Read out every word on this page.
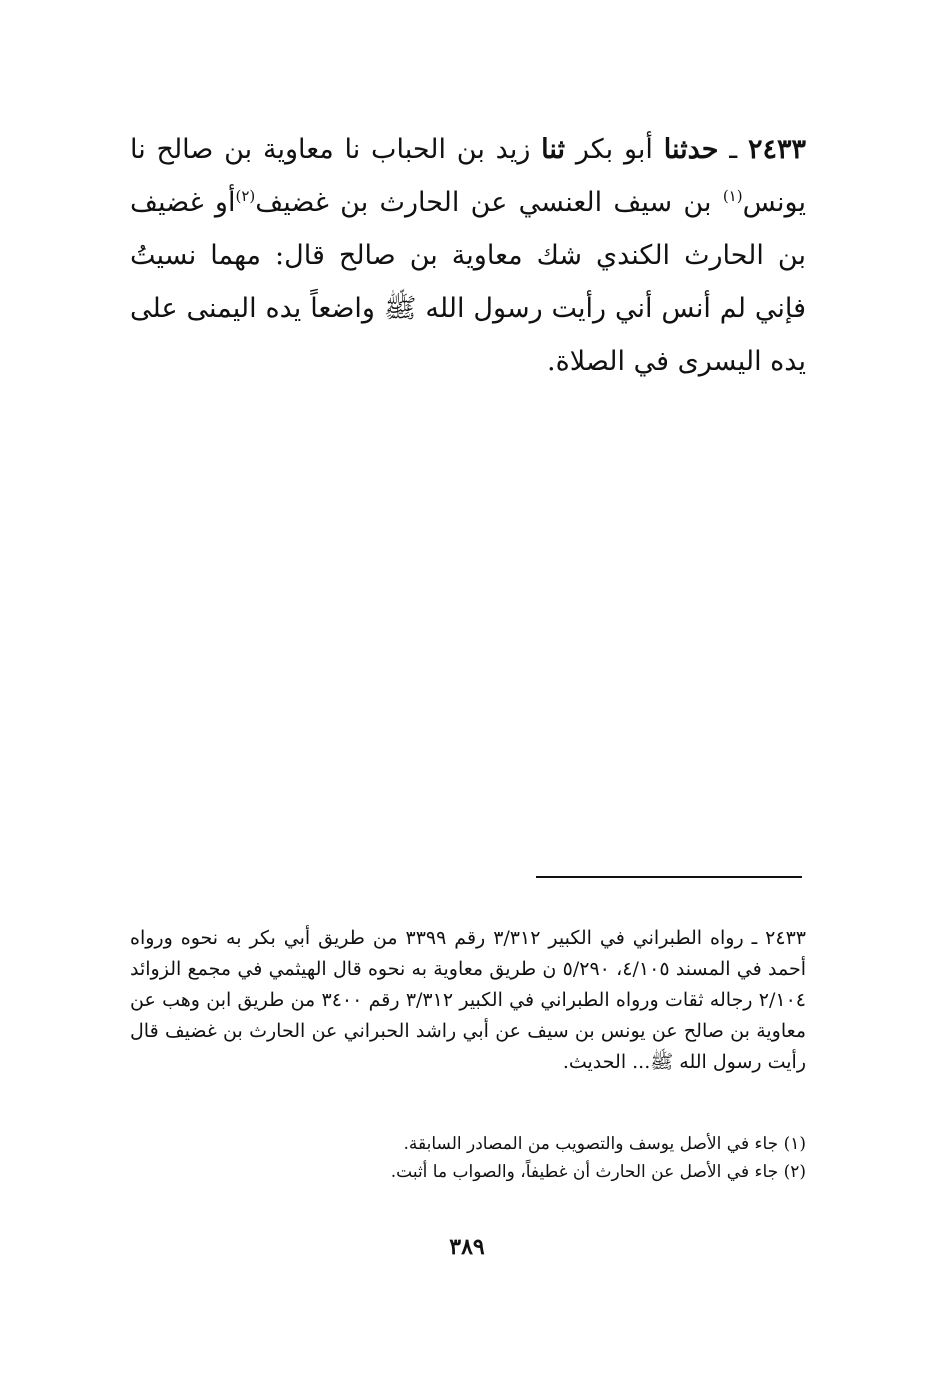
٢٤٣٣ ـ حدثنا أبو بكر ثنا زيد بن الحباب نا معاوية بن صالح نا يونس$^{(١)}$ بن سيف العنسي عن الحارث بن غضيف$^{(٢)}$أو غضيف بن الحارث الكندي شك معاوية بن صالح قال: مهما نسيتُ فإني لم أنس أني رأيت رسول الله ﷺ واضعاً يده اليمنى على يده اليسرى في الصلاة.

٢٤٣٣ ـ رواه الطبراني في الكبير ٣/٣١٢ رقم ٣٣٩٩ من طريق أبي بكر به نحوه ورواه أحمد في المسند ٤/١٠٥، ٥/٢٩٠ ن طريق معاوية به نحوه قال الهيثمي في مجمع الزوائد ٢/١٠٤ رجاله ثقات ورواه الطبراني في الكبير ٣/٣١٢ رقم ٣٤٠٠ من طريق ابن وهب عن معاوية بن صالح عن يونس بن سيف عن أبي راشد الحبراني عن الحارث بن غضيف قال رأيت رسول الله ﷺ... الحديث.

(١) جاء في الأصل يوسف والتصويب من المصادر السابقة.
(٢) جاء في الأصل عن الحارث أن غطيفاً، والصواب ما أثبت.
٣٨٩
